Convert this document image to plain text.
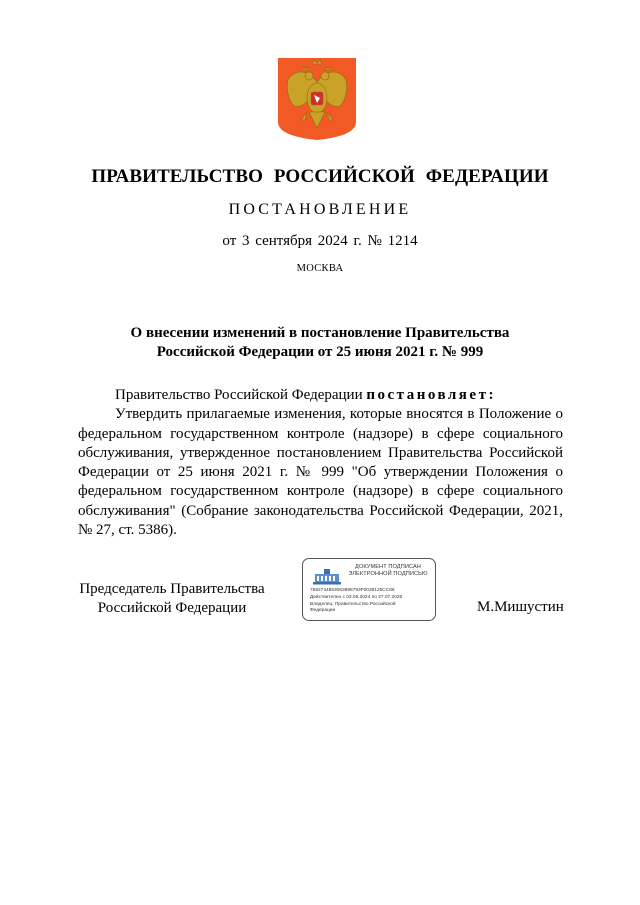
ПРАВИТЕЛЬСТВО РОССИЙСКОЙ ФЕДЕРАЦИИ
ПОСТАНОВЛЕНИЕ
от 3 сентября 2024 г. № 1214
МОСКВА
О внесении изменений в постановление Правительства
Российской Федерации от 25 июня 2021 г. № 999

Правительство Российской Федерации постановляет:

Утвердить прилагаемые изменения, которые вносятся в Положение о федеральном государственном контроле (надзоре) в сфере социального обслуживания, утвержденное постановлением Правительства Российской Федерации от 25 июня 2021 г. № 999 "Об утверждении Положения о федеральном государственном контроле (надзоре) в сфере социального обслуживания" (Собрание законодательства Российской Федерации, 2021, № 27, ст. 5386).

Председатель Правительства
Российской Федерации
ДОКУМЕНТ ПОДПИСАН
ЭЛЕКТРОННОЙ ПОДПИСЬЮ
7682744853063896793F0038125CC86
Действителен с 03.05.2024 по 27.07.2025
Владелец: Правительство Российской
Федерации	М.Мишустин
